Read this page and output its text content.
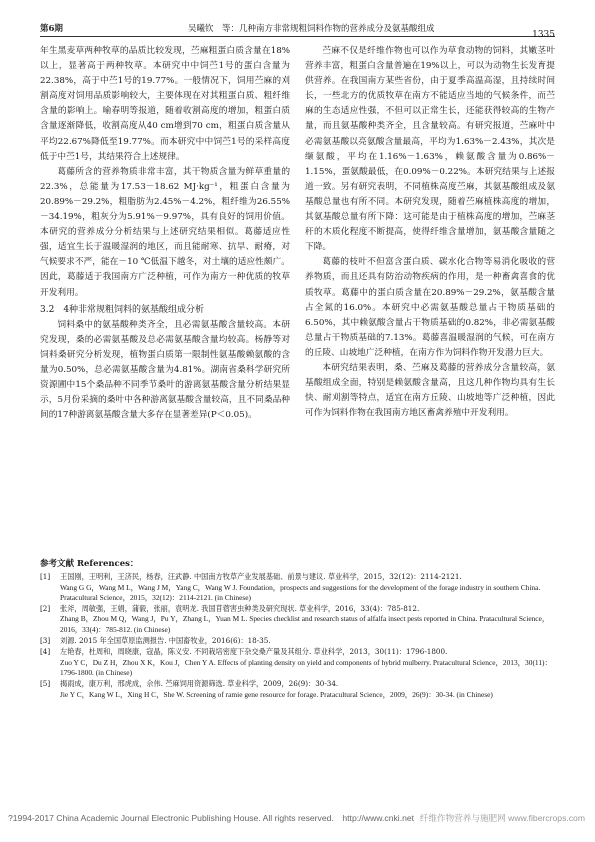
第6期	吴曦钦　等：几种南方非常规粗饲料作物的营养成分及氨基酸组成
1335

年生黑麦草两种牧草的品质比较发现，苎麻粗蛋白质含量在18%以上，显著高于两种牧草。本研究中中饲苎1号的蛋白含量为22.38%，高于中苎1号的19.77%。一般情况下，饲用苎麻的刈割高度对饲用品质影响较大，主要体现在对其粗蛋白质、粗纤维含量的影响上。喻春明等报道，随着收割高度的增加，粗蛋白质含量逐渐降低，收割高度从40 cm增到70 cm，粗蛋白质含量从平均22.67%降低至19.77%。而本研究中中饲苎1号的采样高度低于中苎1号，其结果符合上述规律。

葛藤所含的营养物质非常丰富，其干物质含量为鲜草重量的22.3%，总能量为17.53－18.62 MJ·kg⁻¹，粗蛋白含量为20.89%－29.2%，粗脂肪为2.45%－4.2%，粗纤维为26.55%－34.19%，粗灰分为5.91%－9.97%，具有良好的饲用价值。本研究的营养成分分析结果与上述研究结果相似。葛藤适应性强，适宜生长于温暖湿润的地区，而且能耐寒、抗旱、耐瘠，对气候要求不严，能在－10 ℃低温下越冬，对土壤的适应性颇广。因此，葛藤适于我国南方广泛种植，可作为南方一种优质的牧草开发利用。

3.2　4种非常规粗饲料的氨基酸组成分析

饲料桑中的氨基酸种类齐全，且必需氨基酸含量较高。本研究发现，桑的必需氨基酸及总必需氨基酸含量均较高。杨静等对饲料桑研究分析发现，植物蛋白质第一限制性氨基酸赖氨酸的含量为0.50%，总必需氨基酸含量为4.81%。湖南省桑科学研究所资源圃中15个桑品种不同季节桑叶的游离氨基酸含量分析结果显示，5月份采摘的桑叶中各种游离氨基酸含量较高，且不同桑品种间的17种游离氨基酸含量大多存在显著差异(P＜0.05)。

苎麻不仅是纤维作物也可以作为草食动物的饲料，其嫩茎叶营养丰富，粗蛋白含量普遍在19%以上，可以为动物生长发育提供营养。在我国南方某些省份，由于夏季高温高湿，且持续时间长，一些北方的优质牧草在南方不能适应当地的气候条件，而苎麻的生态适应性强，不但可以正常生长，还能获得较高的生物产量，而且氨基酸种类齐全，且含量较高。有研究报道，苎麻叶中必需氨基酸以亮氨酸含量最高，平均为1.63%－2.43%，其次是缬氨酸，平均在1.16%－1.63%，赖氨酸含量为0.86%－1.15%，蛋氨酸最低，在0.09%－0.22%。本研究结果与上述报道一致。另有研究表明，不同植株高度苎麻，其氨基酸组成及氨基酸总量也有所不同。本研究发现，随着苎麻植株高度的增加，其氨基酸总量有所下降：这可能是由于植株高度的增加，苎麻茎秆的木质化程度不断提高，使得纤维含量增加，氨基酸含量随之下降。

葛藤的枝叶不但富含蛋白质、碳水化合物等易消化吸收的营养物质，而且还具有防治动物疾病的作用，是一种畜禽喜食的优质牧草。葛藤中的蛋白质含量在20.89%－29.2%，氨基酸含量占全氮的16.0%。本研究中必需氨基酸总量占干物质基础的6.50%，其中赖氨酸含量占干物质基础的0.82%，非必需氨基酸总量占干物质基础的7.13%。葛藤喜温暖湿润的气候，可在南方的丘陵、山坡地广泛种植，在南方作为饲料作物开发潜力巨大。

本研究结果表明，桑、苎麻及葛藤的营养成分含量较高，氨基酸组成全面，特别是赖氨酸含量高，且这几种作物均具有生长快、耐刈割等特点，适宜在南方丘陵、山坡地等广泛种植，因此可作为饲料作物在我国南方地区畜禽养殖中开发利用。

参考文献 References：
[1] 王国刚，王明利，王济民，杨春，汪武静. 中国南方牧草产业发展基础、前景与建议. 草业科学，2015，32(12)：2114-2121.
Wang G G，Wang M L，Wang J M，Yang C，Wang W J. Foundation，prospects and suggestions for the development of the forage industry in southern China. Pratacultural Science，2015，32(12)：2114-2121. (in Chinese)
[2] 张斧，周敏强，王娟，蒲毅，张丽，袁明龙. 我国苜蓿害虫种类及研究现状. 草业科学，2016，33(4)：785-812.
Zhang B，Zhou M Q，Wang J，Pu Y，Zhang L，Yuan M L. Species checklist and research status of alfalfa insect pests reported in China. Pratacultural Science，2016，33(4)：785-812. (in Chinese)
[3] 刘源. 2015 年全国草原监测报告. 中国畜牧业，2016(6)：18-35.
[4] 左艳春，杜周和，周晓康，寇晶，陈义安. 不同栽培密度下杂交桑产量及其组分. 草业科学，2013，30(11)：1796-1800.
Zuo Y C，Du Z H，Zhou X K，Kou J，Chen Y A. Effects of planting density on yield and components of hybrid mulberry. Pratacultural Science，2013，30(11)：1796-1800. (in Chinese)
[5] 揭雨成，康万利，邢虎成，佘伟. 苎麻饲用资源筛选. 草业科学，2009，26(9)：30-34.
Jie Y C，Kang W L，Xing H C，She W. Screening of ramie gene resource for forage. Pratacultural Science，2009，26(9)：30-34. (in Chinese)
?1994-2017 China Academic Journal Electronic Publishing House. All rights reserved.　http://www.cnki.net 纤维作物营养与施肥网 www.fibercrops.com
